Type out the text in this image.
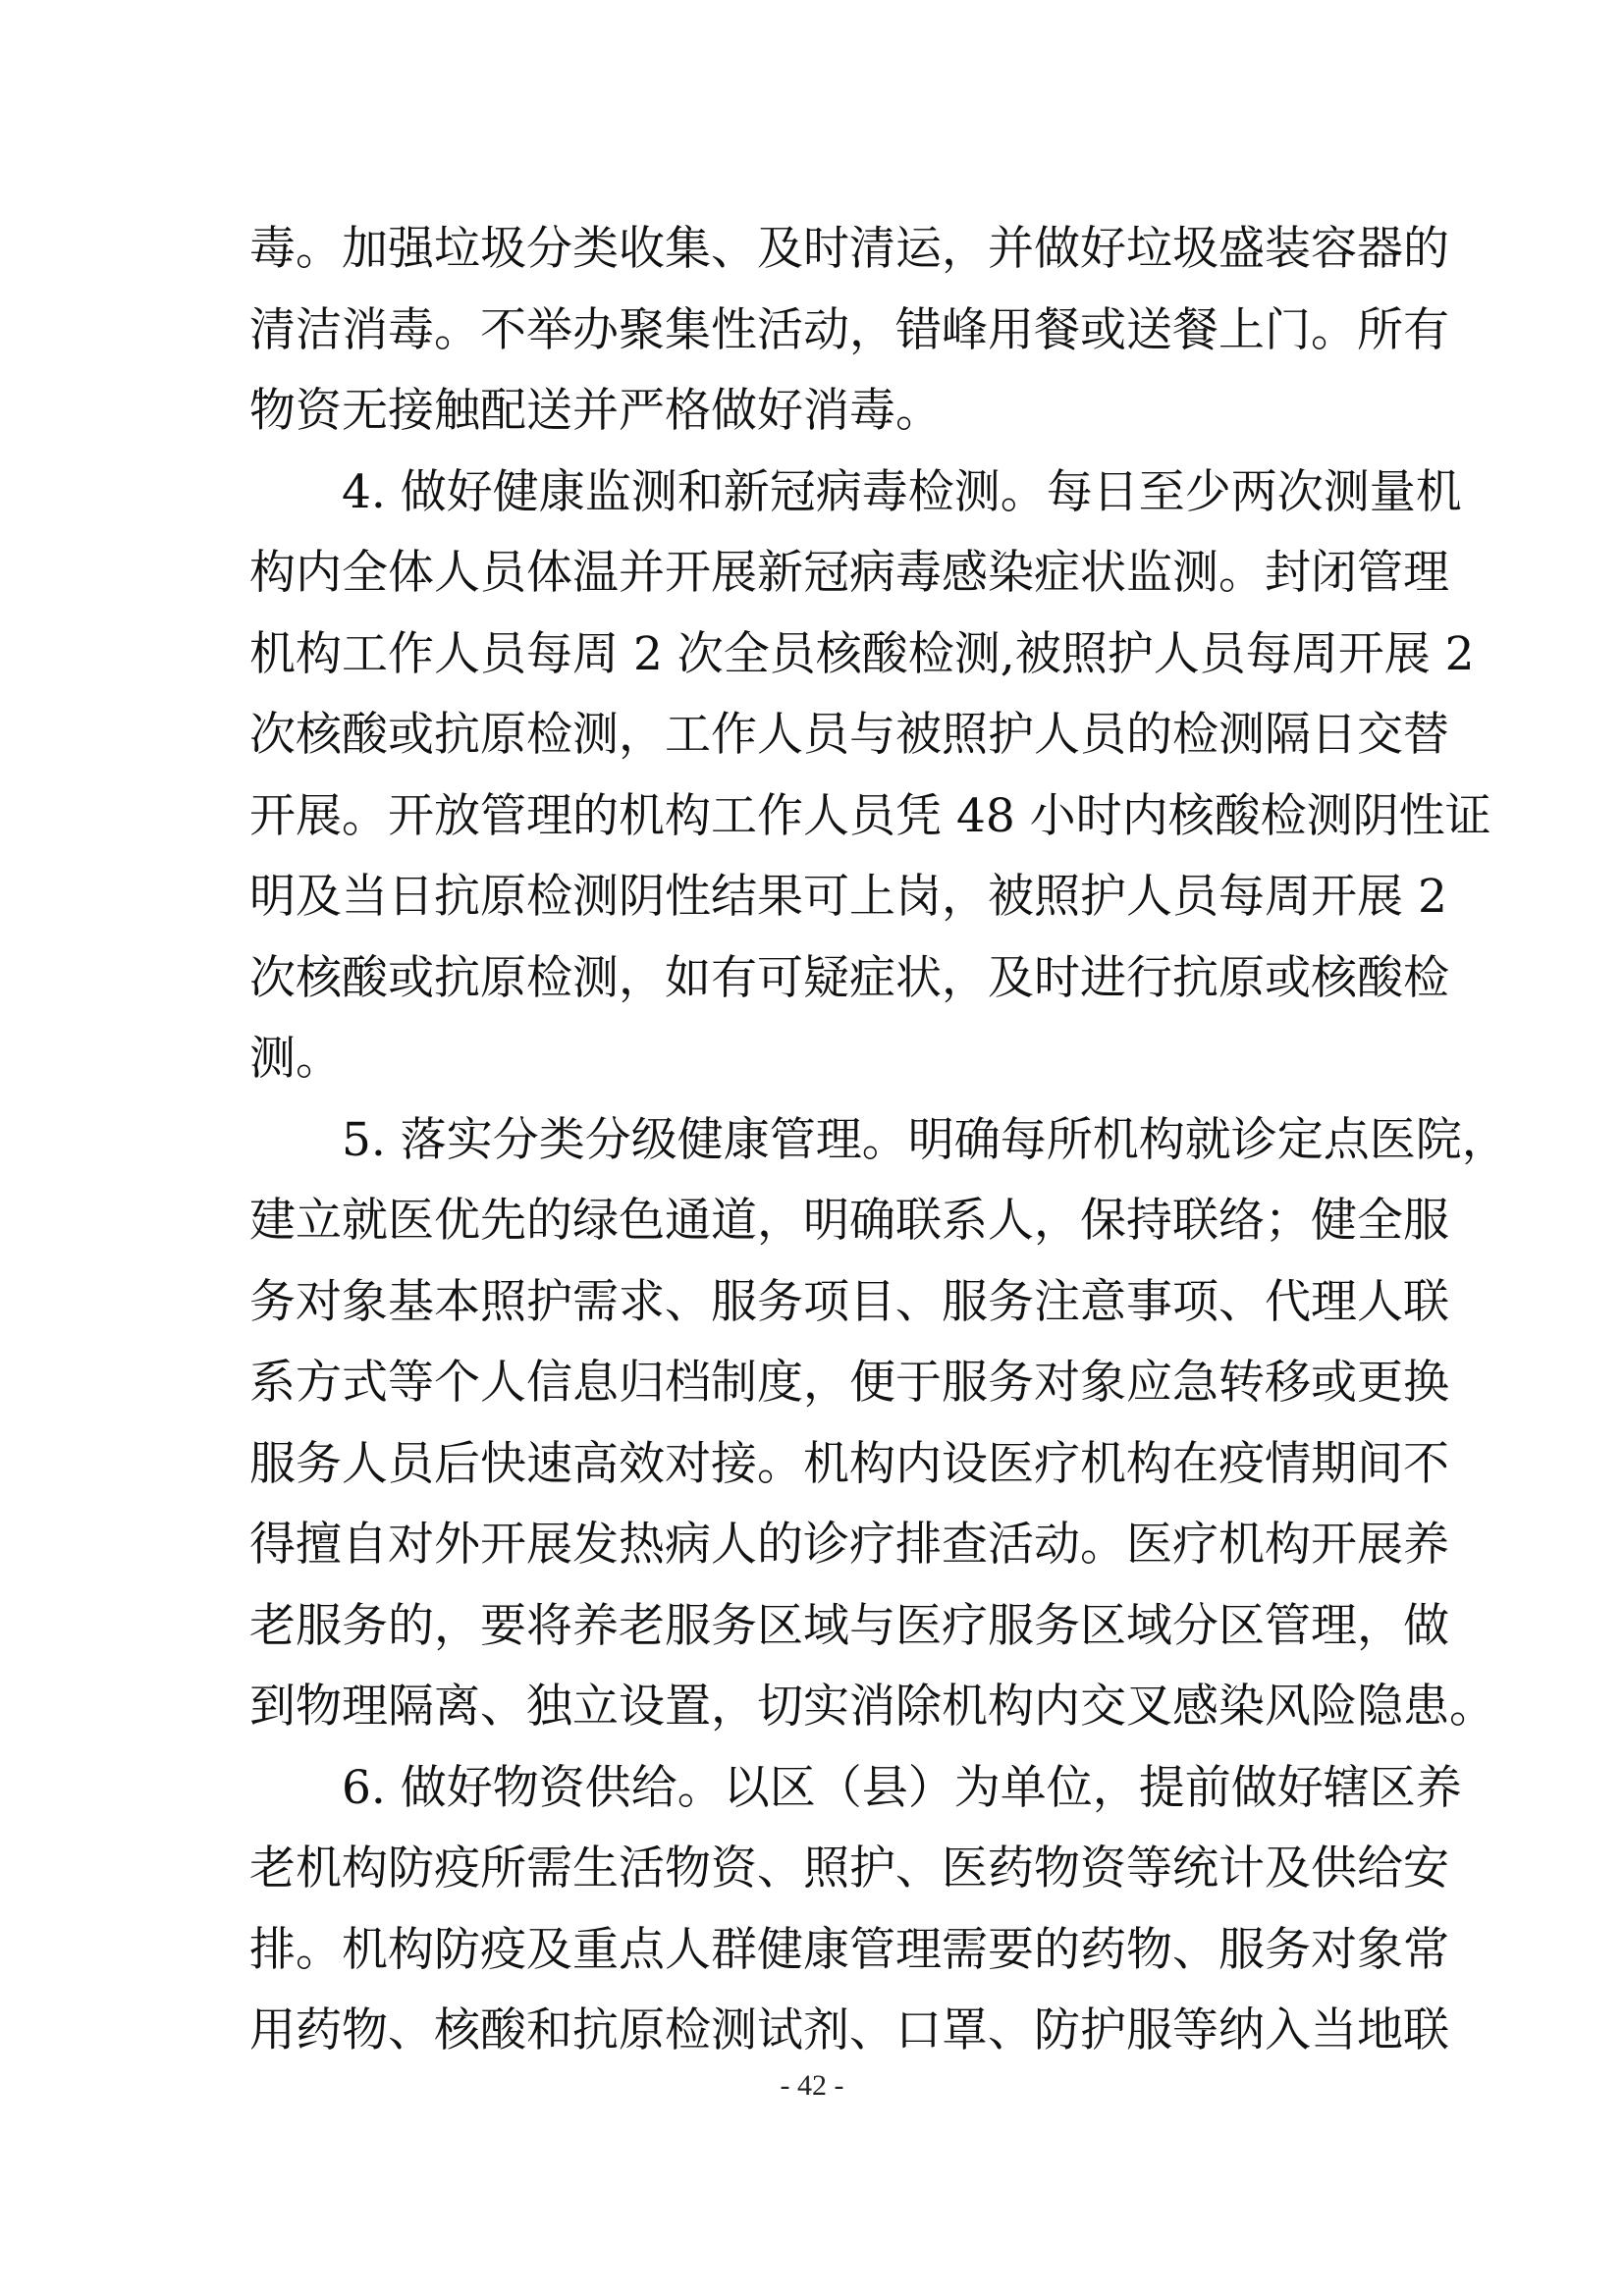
毒。加强垃圾分类收集、及时清运，并做好垃圾盛装容器的
清洁消毒。不举办聚集性活动，错峰用餐或送餐上门。所有
物资无接触配送并严格做好消毒。
4. 做好健康监测和新冠病毒检测。每日至少两次测量机
构内全体人员体温并开展新冠病毒感染症状监测。封闭管理
机构工作人员每周 2 次全员核酸检测,被照护人员每周开展 2
次核酸或抗原检测，工作人员与被照护人员的检测隔日交替
开展。开放管理的机构工作人员凭 48 小时内核酸检测阴性证
明及当日抗原检测阴性结果可上岗，被照护人员每周开展 2
次核酸或抗原检测，如有可疑症状，及时进行抗原或核酸检
测。
5. 落实分类分级健康管理。明确每所机构就诊定点医院，
建立就医优先的绿色通道，明确联系人，保持联络；健全服
务对象基本照护需求、服务项目、服务注意事项、代理人联
系方式等个人信息归档制度，便于服务对象应急转移或更换
服务人员后快速高效对接。机构内设医疗机构在疫情期间不
得擅自对外开展发热病人的诊疗排查活动。医疗机构开展养
老服务的，要将养老服务区域与医疗服务区域分区管理，做
到物理隔离、独立设置，切实消除机构内交叉感染风险隐患。
6. 做好物资供给。以区（县）为单位，提前做好辖区养
老机构防疫所需生活物资、照护、医药物资等统计及供给安
排。机构防疫及重点人群健康管理需要的药物、服务对象常
用药物、核酸和抗原检测试剂、口罩、防护服等纳入当地联
- 42 -
